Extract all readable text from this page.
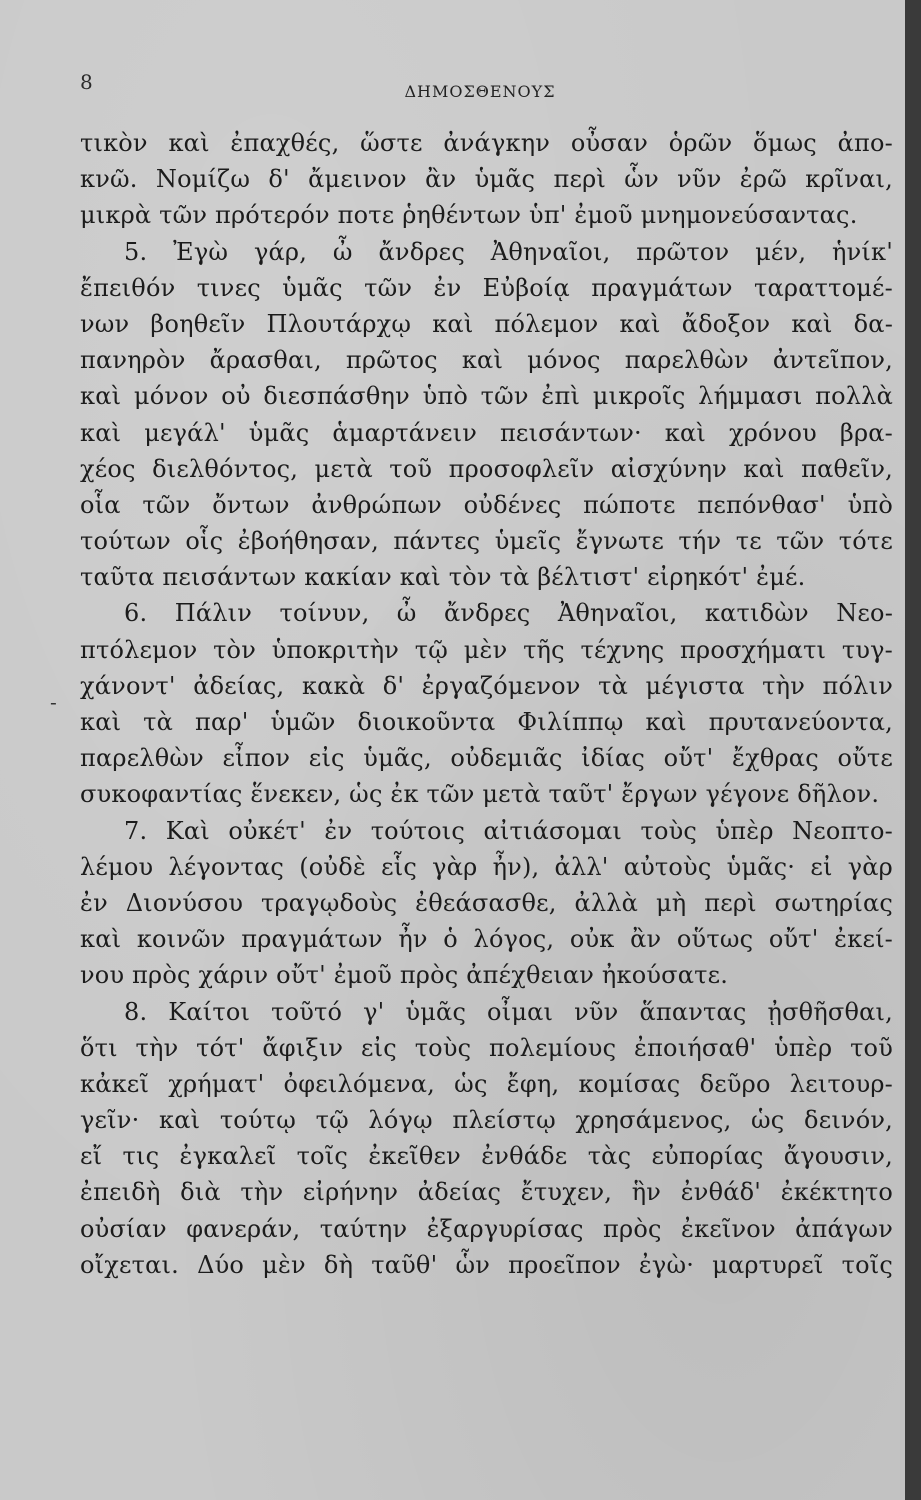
8	ΔΗΜΟΣΘΕΝΟΥΣ
-
τικὸν καὶ ἐπαχθές, ὥστε ἀνάγκην οὖσαν ὁρῶν ὅμως ἀπο-
κνῶ. Νομίζω δ' ἄμεινον ἂν ὑμᾶς περὶ ὧν νῦν ἐρῶ κρῖναι,
μικρὰ τῶν πρότερόν ποτε ῥηθέντων ὑπ' ἐμοῦ μνημονεύσαντας.
5. Ἐγὼ γάρ, ὦ ἄνδρες Ἀθηναῖοι, πρῶτον μέν, ἡνίκ'
ἔπειθόν τινες ὑμᾶς τῶν ἐν Εὐβοίᾳ πραγμάτων ταραττομέ-
νων βοηθεῖν Πλουτάρχῳ καὶ πόλεμον καὶ ἄδοξον καὶ δα-
πανηρὸν ἄρασθαι, πρῶτος καὶ μόνος παρελθὼν ἀντεῖπον,
καὶ μόνον οὐ διεσπάσθην ὑπὸ τῶν ἐπὶ μικροῖς λήμμασι πολλὰ
καὶ μεγάλ' ὑμᾶς ἁμαρτάνειν πεισάντων· καὶ χρόνου βρα-
χέος διελθόντος, μετὰ τοῦ προσοφλεῖν αἰσχύνην καὶ παθεῖν,
οἷα τῶν ὄντων ἀνθρώπων οὐδένες πώποτε πεπόνθασ' ὑπὸ
τούτων οἷς ἐβοήθησαν, πάντες ὑμεῖς ἔγνωτε τήν τε τῶν τότε
ταῦτα πεισάντων κακίαν καὶ τὸν τὰ βέλτιστ' εἰρηκότ' ἐμέ.
6. Πάλιν τοίνυν, ὦ ἄνδρες Ἀθηναῖοι, κατιδὼν Νεο-
πτόλεμον τὸν ὑποκριτὴν τῷ μὲν τῆς τέχνης προσχήματι τυγ-
χάνοντ' ἀδείας, κακὰ δ' ἐργαζόμενον τὰ μέγιστα τὴν πόλιν
καὶ τὰ παρ' ὑμῶν διοικοῦντα Φιλίππῳ καὶ πρυτανεύοντα,
παρελθὼν εἶπον εἰς ὑμᾶς, οὐδεμιᾶς ἰδίας οὔτ' ἔχθρας οὔτε
συκοφαντίας ἕνεκεν, ὡς ἐκ τῶν μετὰ ταῦτ' ἔργων γέγονε δῆλον.
7. Καὶ οὐκέτ' ἐν τούτοις αἰτιάσομαι τοὺς ὑπὲρ Νεοπτο-
λέμου λέγοντας (οὐδὲ εἷς γὰρ ἦν), ἀλλ' αὐτοὺς ὑμᾶς· εἰ γὰρ
ἐν Διονύσου τραγῳδοὺς ἐθεάσασθε, ἀλλὰ μὴ περὶ σωτηρίας
καὶ κοινῶν πραγμάτων ἦν ὁ λόγος, οὐκ ἂν οὕτως οὔτ' ἐκεί-
νου πρὸς χάριν οὔτ' ἐμοῦ πρὸς ἀπέχθειαν ἠκούσατε.
8. Καίτοι τοῦτό γ' ὑμᾶς οἶμαι νῦν ἅπαντας ᾐσθῆσθαι,
ὅτι τὴν τότ' ἄφιξιν εἰς τοὺς πολεμίους ἐποιήσαθ' ὑπὲρ τοῦ
κἀκεῖ χρήματ' ὀφειλόμενα, ὡς ἔφη, κομίσας δεῦρο λειτουρ-
γεῖν· καὶ τούτῳ τῷ λόγῳ πλείστῳ χρησάμενος, ὡς δεινόν,
εἴ τις ἐγκαλεῖ τοῖς ἐκεῖθεν ἐνθάδε τὰς εὐπορίας ἄγουσιν,
ἐπειδὴ διὰ τὴν εἰρήνην ἀδείας ἔτυχεν, ἣν ἐνθάδ' ἐκέκτητο
οὐσίαν φανεράν, ταύτην ἐξαργυρίσας πρὸς ἐκεῖνον ἀπάγων
οἴχεται. Δύο μὲν δὴ ταῦθ' ὧν προεῖπον ἐγὼ· μαρτυρεῖ τοῖς
